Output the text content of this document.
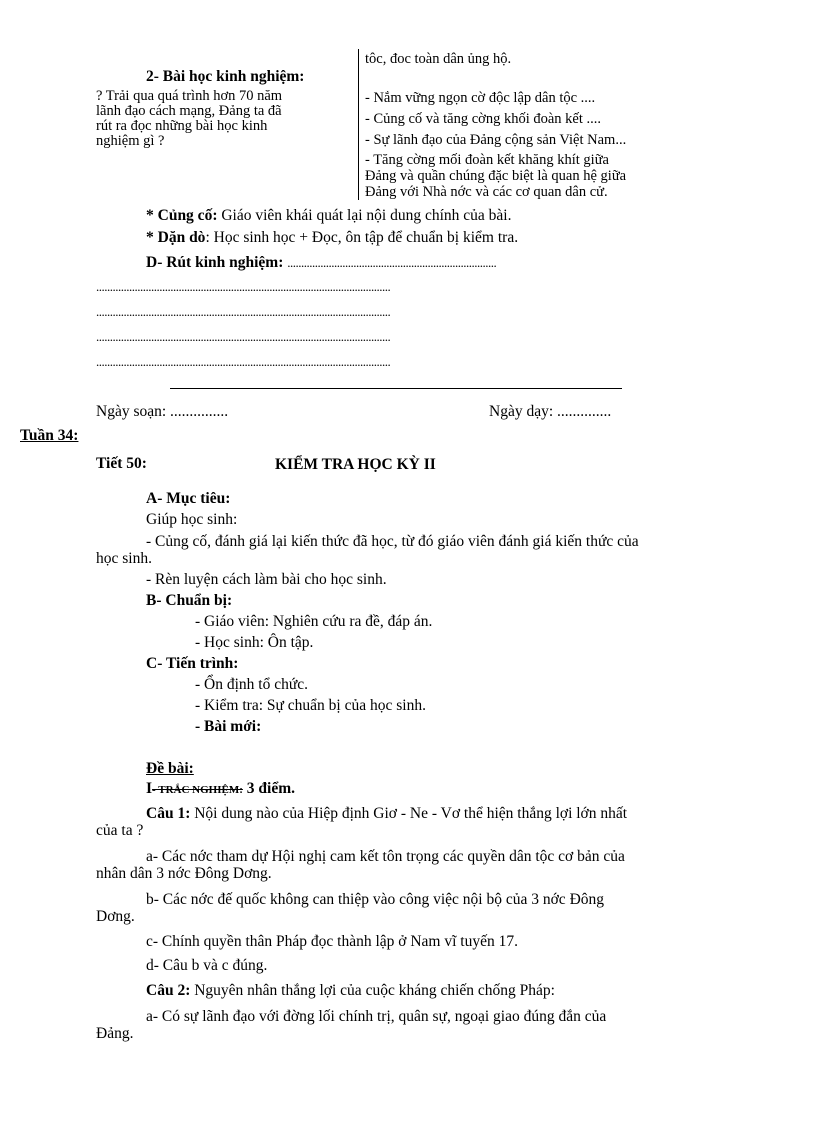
tôc, đoc toàn dân ủng hộ.
2- Bài học kinh nghiệm:
? Trải qua quá trình hơn 70 năm
lãnh đạo cách mạng, Đảng ta đã
rút ra đọc những bài học kinh
nghiệm gì ?
- Nắm vững ngọn cờ độc lập dân tộc ....
- Củng cố và tăng cờng khối đoàn kết ....
- Sự lãnh đạo của Đảng cộng sản Việt Nam...
- Tăng cờng mối đoàn kết khăng khít giữa
Đảng và quần chúng đặc biệt là quan hệ giữa
Đảng với Nhà nớc và các cơ quan dân cử.
* Củng cố: Giáo viên khái quát lại nội dung chính của bài.
* Dặn dò: Học sinh học + Đọc, ôn tập để chuẩn bị kiểm tra.
D- Rút kinh nghiệm: ............................................................................
...........................................................................................................
...........................................................................................................
...........................................................................................................
...........................................................................................................
Ngày soạn: ...............	Ngày dạy: ..............
Tuần 34:
Tiết 50:	KIỂM TRA HỌC KỲ II
A- Mục tiêu:
Giúp học sinh:
- Củng cố, đánh giá lại kiến thức đã học, từ đó giáo viên đánh giá kiến thức của
học sinh.
- Rèn luyện cách làm bài cho học sinh.
B- Chuẩn bị:
- Giáo viên: Nghiên cứu ra đề, đáp án.
- Học sinh: Ôn tập.
C- Tiến trình:
- Ổn định tổ chức.
- Kiểm tra: Sự chuẩn bị của học sinh.
- Bài mới:
Đề bài:
I- TRẮC NGHIỆM: 3 điểm.
Câu 1: Nội dung nào của Hiệp định Giơ - Ne - Vơ thể hiện thắng lợi lớn nhất
của ta ?
a- Các nớc tham dự Hội nghị cam kết tôn trọng các quyền dân tộc cơ bản của
nhân dân 3 nớc Đông Dơng.
b- Các nớc đế quốc không can thiệp vào công việc nội bộ của 3 nớc Đông
Dơng.
c- Chính quyền thân Pháp đọc thành lập ở Nam vĩ tuyến 17.
d- Câu b và c đúng.
Câu 2: Nguyên nhân thắng lợi của cuộc kháng chiến chống Pháp:
a- Có sự lãnh đạo với đờng lối chính trị, quân sự, ngoại giao đúng đắn của
Đảng.
